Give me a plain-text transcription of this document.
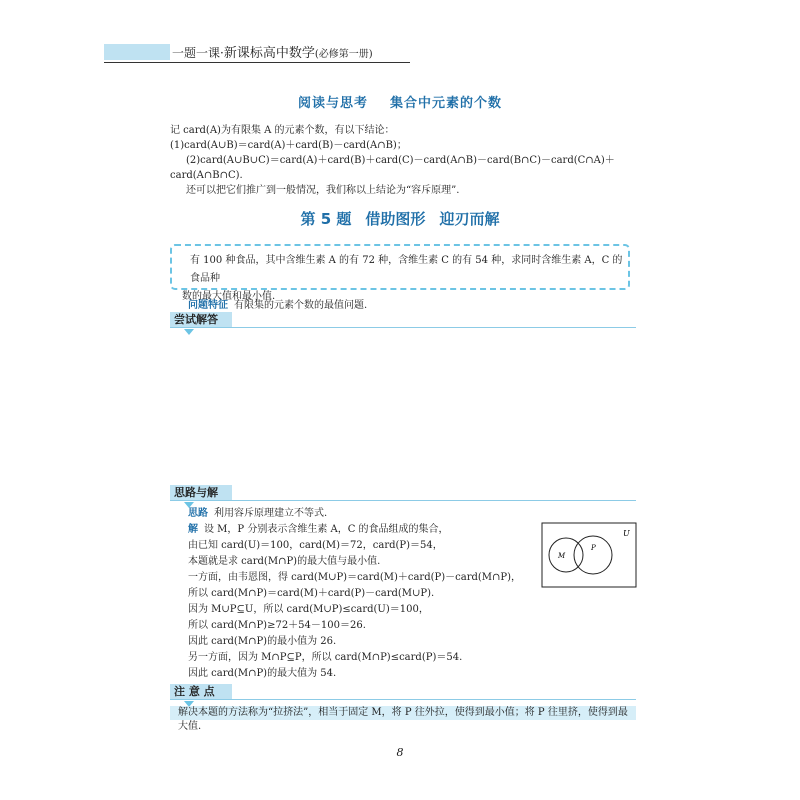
一题一课·新课标高中数学(必修第一册)
阅读与思考 集合中元素的个数
记 card(A)为有限集 A 的元素个数，有以下结论：
(1)card(A∪B)＝card(A)＋card(B)－card(A∩B)；
(2)card(A∪B∪C)＝card(A)＋card(B)＋card(C)－card(A∩B)－card(B∩C)－card(C∩A)＋
card(A∩B∩C).
还可以把它们推广到一般情况，我们称以上结论为“容斥原理”.
第 5 题 借助图形 迎刃而解
有 100 种食品，其中含维生素 A 的有 72 种，含维生素 C 的有 54 种，求同时含维生素 A，C 的食品种
数的最大值和最小值.
问题特征 有限集的元素个数的最值问题.
尝试解答
思路与解
思路 利用容斥原理建立不等式.
解 设 M，P 分别表示含维生素 A，C 的食品组成的集合，
由已知 card(U)＝100，card(M)＝72，card(P)＝54，
本题就是求 card(M∩P)的最大值与最小值.
一方面，由韦恩图，得 card(M∪P)＝card(M)＋card(P)－card(M∩P)，
所以 card(M∩P)＝card(M)＋card(P)－card(M∪P).
因为 M∪P⊆U，所以 card(M∪P)≤card(U)＝100，
所以 card(M∩P)≥72＋54－100＝26.
因此 card(M∩P)的最小值为 26.
另一方面，因为 M∩P⊆P，所以 card(M∩P)≤card(P)＝54.
因此 card(M∩P)的最大值为 54.
U
M
P
注 意 点
解决本题的方法称为“拉挤法”，相当于固定 M，将 P 往外拉，使得到最小值；将 P 往里挤，使得到最大值.
8
